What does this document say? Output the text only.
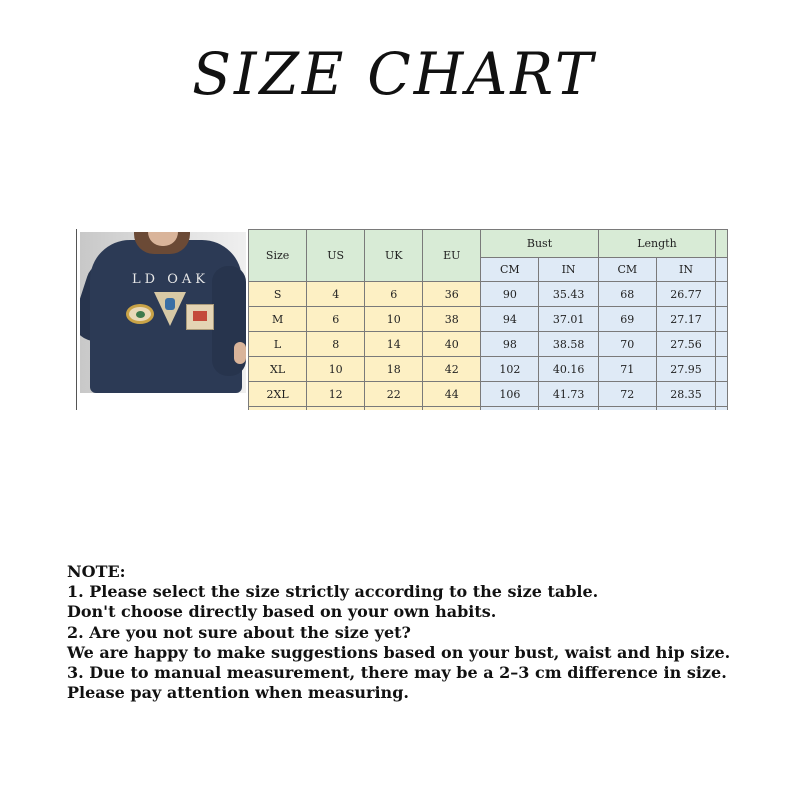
SIZE CHART
LD OAK
Size	US	UK	EU	Bust		Length		
				CM	IN	CM	IN	
S	4	6	36	90	35.43	68	26.77	
M	6	10	38	94	37.01	69	27.17	
L	8	14	40	98	38.58	70	27.56	
XL	10	18	42	102	40.16	71	27.95	
2XL	12	22	44	106	41.73	72	28.35	

NOTE:
1. Please select the size strictly according to the size table.
Don't choose directly based on your own habits.
2. Are you not sure about the size yet?
We are happy to make suggestions based on your bust, waist and hip size.
3. Due to manual measurement, there may be a 2–3 cm difference in size.
Please pay attention when measuring.
